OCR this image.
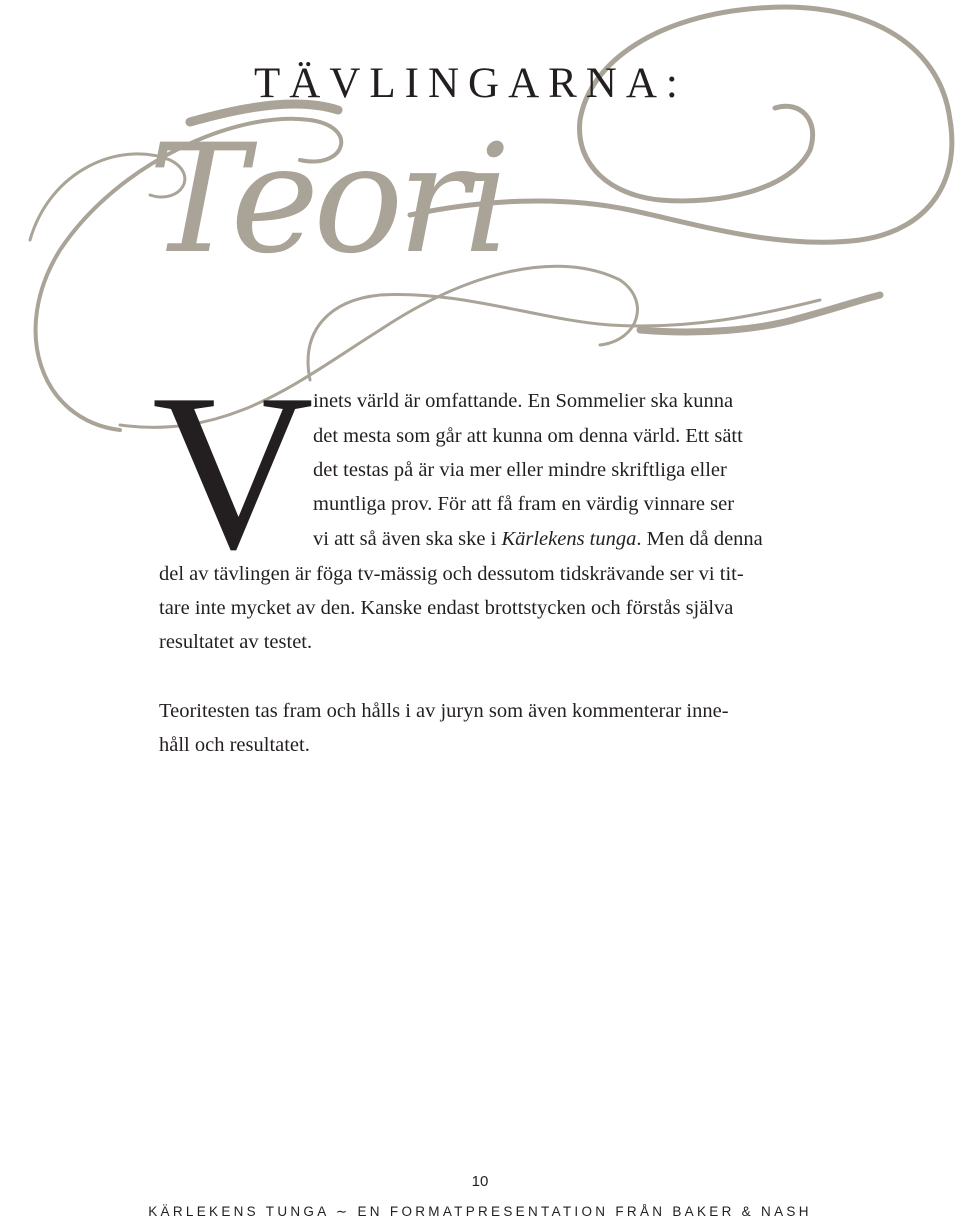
TÄVLINGARNA:
Teori
V inets värld är omfattande. En Sommelier ska kunna

det mesta som går att kunna om denna värld. Ett sätt

det testas på är via mer eller mindre skriftliga eller

muntliga prov. För att få fram en värdig vinnare ser

vi att så även ska ske i Kärlekens tunga. Men då denna

del av tävlingen är föga tv-mässig och dessutom tidskrävande ser vi tit-

tare inte mycket av den. Kanske endast brottstycken och förstås själva

resultatet av testet.

Teoritesten tas fram och hålls i av juryn som även kommenterar inne-

håll och resultatet.

10
KÄRLEKENS TUNGA ∼ EN FORMATPRESENTATION FRÅN BAKER & NASH
